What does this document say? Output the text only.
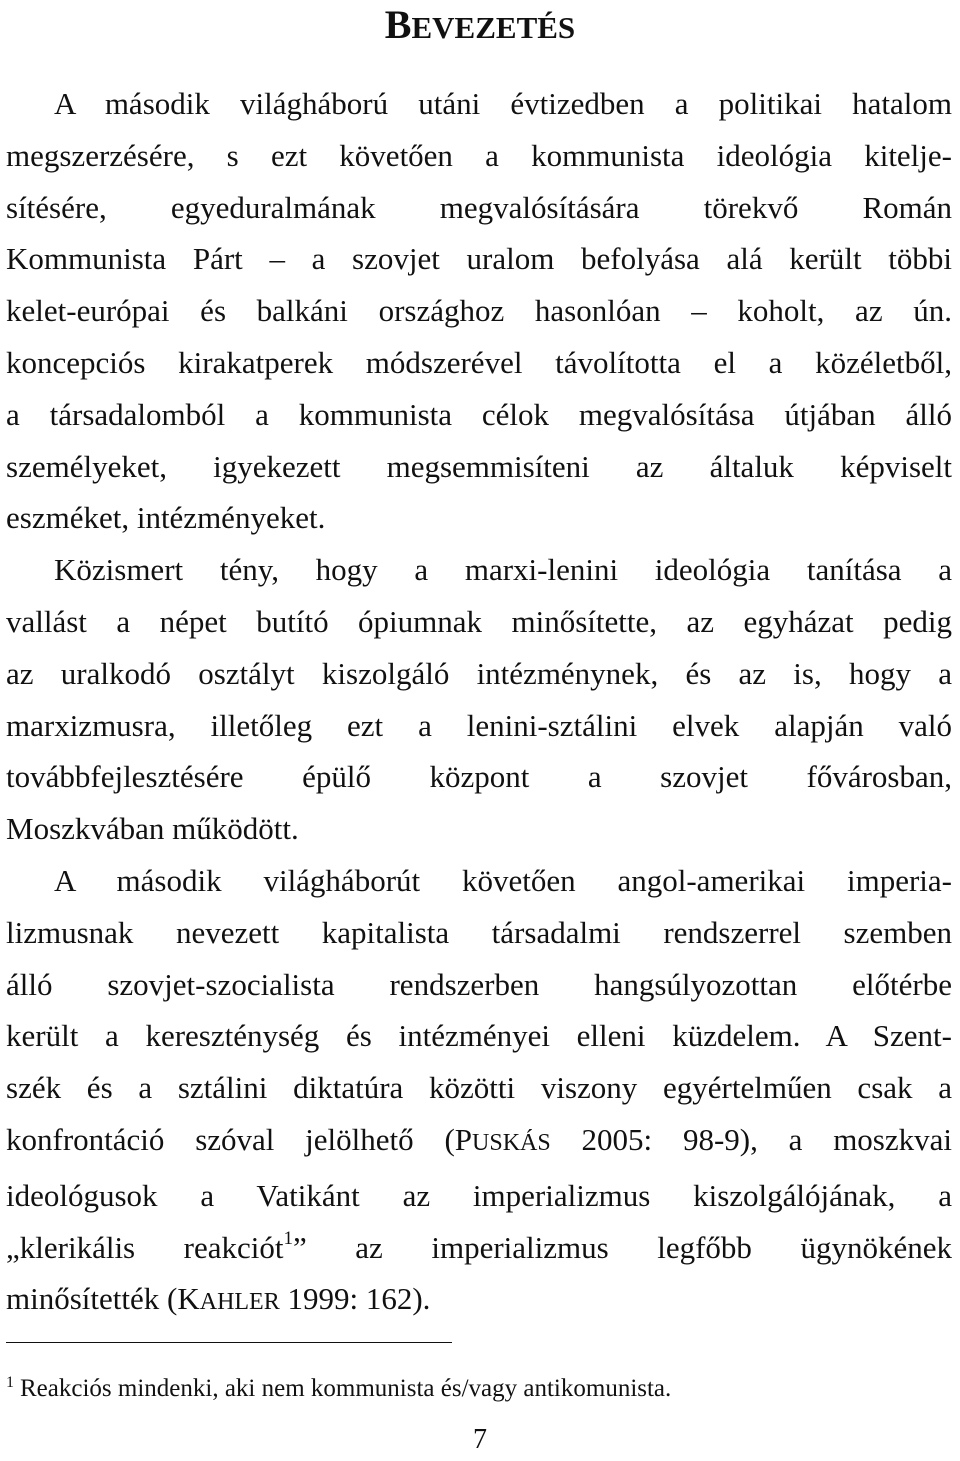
BEVEZETÉS
A második világháború utáni évtizedben a politikai hatalom
megszerzésére, s ezt követően a kommunista ideológia kitelje-
sítésére, egyeduralmának megvalósítására törekvő Román
Kommunista Párt – a szovjet uralom befolyása alá került többi
kelet-európai és balkáni országhoz hasonlóan – koholt, az ún.
koncepciós kirakatperek módszerével távolította el a közéletből,
a társadalomból a kommunista célok megvalósítása útjában álló
személyeket, igyekezett megsemmisíteni az általuk képviselt
eszméket, intézményeket.
Közismert tény, hogy a marxi-lenini ideológia tanítása a
vallást a népet butító ópiumnak minősítette, az egyházat pedig
az uralkodó osztályt kiszolgáló intézménynek, és az is, hogy a
marxizmusra, illetőleg ezt a lenini-sztálini elvek alapján való
továbbfejlesztésére épülő központ a szovjet fővárosban,
Moszkvában működött.
A második világháborút követően angol-amerikai imperia-
lizmusnak nevezett kapitalista társadalmi rendszerrel szemben
álló szovjet-szocialista rendszerben hangsúlyozottan előtérbe
került a kereszténység és intézményei elleni küzdelem. A Szent-
szék és a sztálini diktatúra közötti viszony egyértelműen csak a
konfrontáció szóval jelölhető (PUSKÁS 2005: 98-9), a moszkvai
ideológusok a Vatikánt az imperializmus kiszolgálójának, a
„klerikális reakciót$^1$” az imperializmus legfőbb ügynökének
minősítették (KAHLER 1999: 162).
$^1$ Reakciós mindenki, aki nem kommunista és/vagy antikomunista.
7
